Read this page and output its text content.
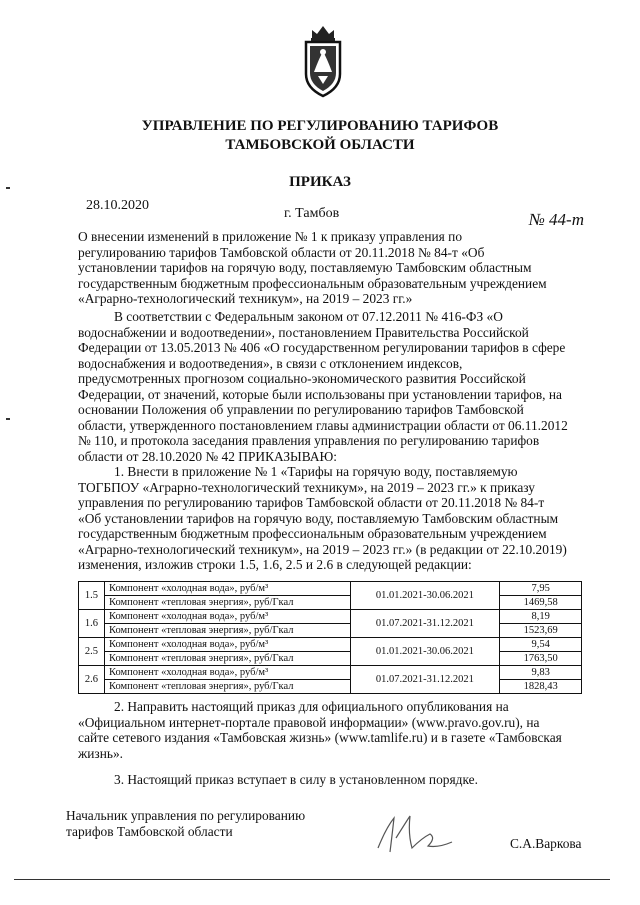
УПРАВЛЕНИЕ ПО РЕГУЛИРОВАНИЮ ТАРИФОВ
ТАМБОВСКОЙ ОБЛАСТИ
ПРИКАЗ
28.10.2020
г. Тамбов	№ 44-т
О внесении изменений в приложение № 1 к приказу управления по
регулированию тарифов Тамбовской области от 20.11.2018 № 84-т «Об
установлении тарифов на горячую воду, поставляемую Тамбовским областным
государственным бюджетным профессиональным образовательным учреждением
«Аграрно-технологический техникум», на 2019 – 2023 гг.»
В соответствии с Федеральным законом от 07.12.2011 № 416-ФЗ «О
водоснабжении и водоотведении», постановлением Правительства Российской
Федерации от 13.05.2013 № 406 «О государственном регулировании тарифов в сфере
водоснабжения и водоотведения», в связи с отклонением индексов,
предусмотренных прогнозом социально-экономического развития Российской
Федерации, от значений, которые были использованы при установлении тарифов, на
основании Положения об управлении по регулированию тарифов Тамбовской
области, утвержденного постановлением главы администрации области от 06.11.2012
№ 110, и протокола заседания правления управления по регулированию тарифов
области от 28.10.2020 № 42 ПРИКАЗЫВАЮ:
1. Внести в приложение № 1 «Тарифы на горячую воду, поставляемую
ТОГБПОУ «Аграрно-технологический техникум», на 2019 – 2023 гг.» к приказу
управления по регулированию тарифов Тамбовской области от 20.11.2018 № 84-т
«Об установлении тарифов на горячую воду, поставляемую Тамбовским областным
государственным бюджетным профессиональным образовательным учреждением
«Аграрно-технологический техникум», на 2019 – 2023 гг.» (в редакции от 22.10.2019)
изменения, изложив строки 1.5, 1.6, 2.5 и 2.6 в следующей редакции:
1.5	Компонент «холодная вода», руб/м³	01.01.2021-30.06.2021	7,95
	Компонент «тепловая энергия», руб/Гкал		1469,58
1.6	Компонент «холодная вода», руб/м³	01.07.2021-31.12.2021	8,19
	Компонент «тепловая энергия», руб/Гкал		1523,69
2.5	Компонент «холодная вода», руб/м³	01.01.2021-30.06.2021	9,54
	Компонент «тепловая энергия», руб/Гкал		1763,50
2.6	Компонент «холодная вода», руб/м³	01.07.2021-31.12.2021	9,83
	Компонент «тепловая энергия», руб/Гкал		1828,43
2. Направить настоящий приказ для официального опубликования на
«Официальном интернет-портале правовой информации» (www.pravo.gov.ru), на
сайте сетевого издания «Тамбовская жизнь» (www.tamlife.ru) и в газете «Тамбовская
жизнь».
3. Настоящий приказ вступает в силу в установленном порядке.
Начальник управления по регулированию
тарифов Тамбовской области
С.А.Варкова
